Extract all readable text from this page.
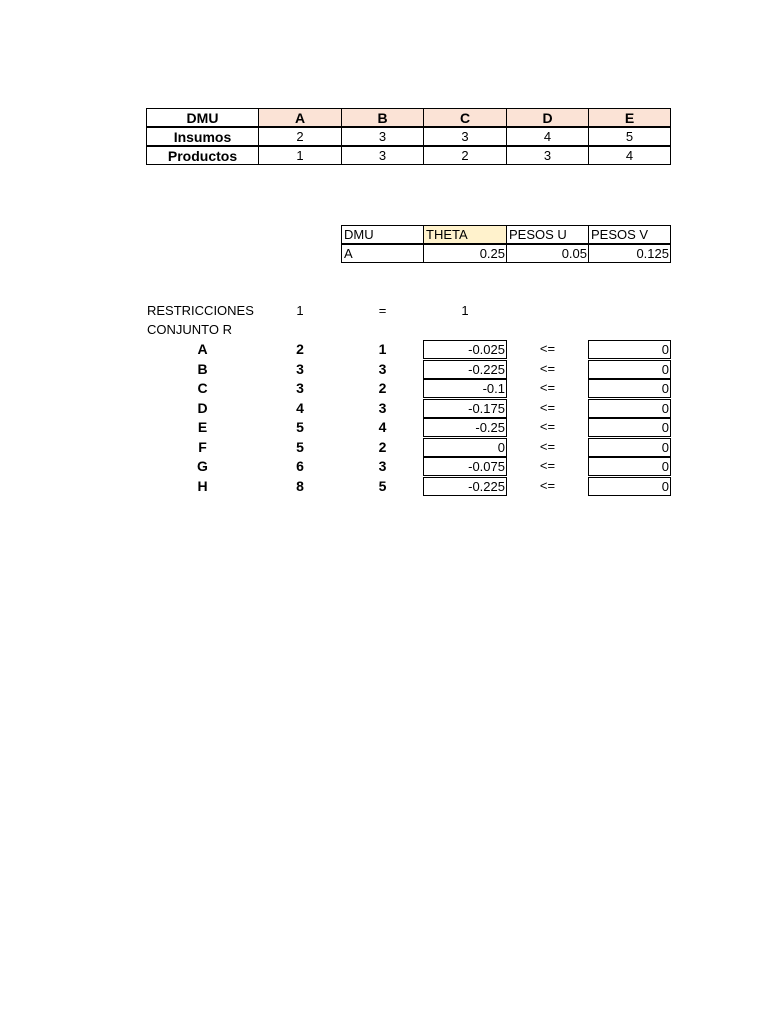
DMU	A	B	C	D	E
Insumos	2	3	3	4	5
Productos	1	3	2	3	4
DMU	THETA	PESOS U	PESOS V
A	0.25	0.05	0.125
RESTRICCIONES	1	=	1
CONJUNTO R
A	2	1	-0.025	<=	0
B	3	3	-0.225	<=	0
C	3	2	-0.1	<=	0
D	4	3	-0.175	<=	0
E	5	4	-0.25	<=	0
F	5	2	0	<=	0
G	6	3	-0.075	<=	0
H	8	5	-0.225	<=	0
